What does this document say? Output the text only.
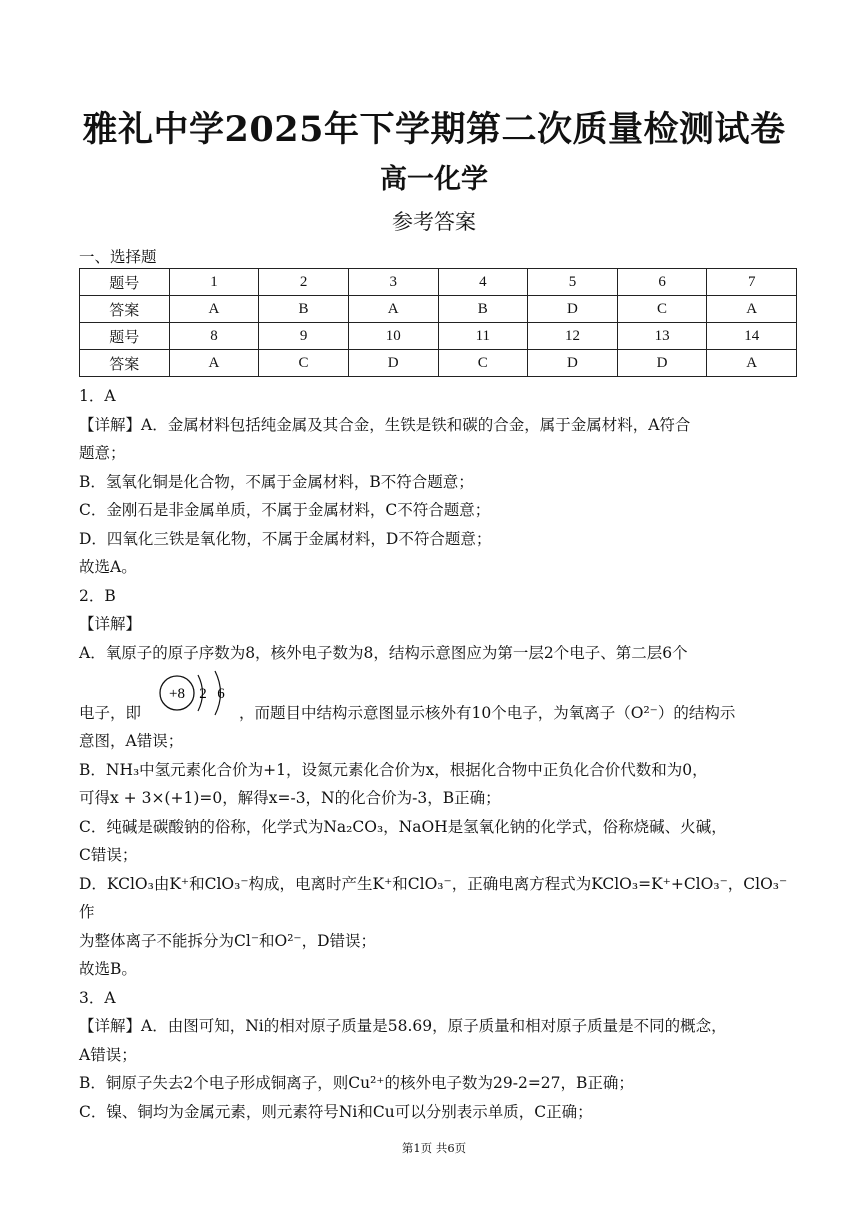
雅礼中学2025年下学期第二次质量检测试卷
高一化学
参考答案
一、选择题
题号	1	2	3	4	5	6	7
答案	A	B	A	B	D	C	A
题号	8	9	10	11	12	13	14
答案	A	C	D	C	D	D	A

1．A

【详解】A．金属材料包括纯金属及其合金，生铁是铁和碳的合金，属于金属材料，A符合

题意；

B．氢氧化铜是化合物，不属于金属材料，B不符合题意；

C．金刚石是非金属单质，不属于金属材料，C不符合题意；

D．四氧化三铁是氧化物，不属于金属材料，D不符合题意；

故选A。

2．B

【详解】

A．氧原子的原子序数为8，核外电子数为8，结构示意图应为第一层2个电子、第二层6个

电子，即
+8 2 6
，而题目中结构示意图显示核外有10个电子，为氧离子（O²⁻）的结构示

意图，A错误；

B．NH₃中氢元素化合价为+1，设氮元素化合价为x，根据化合物中正负化合价代数和为0，

可得x + 3×(+1)=0，解得x=-3，N的化合价为-3，B正确；

C．纯碱是碳酸钠的俗称，化学式为Na₂CO₃，NaOH是氢氧化钠的化学式，俗称烧碱、火碱，

C错误；

D．KClO₃由K⁺和ClO₃⁻构成，电离时产生K⁺和ClO₃⁻，正确电离方程式为KClO₃=K⁺+ClO₃⁻，ClO₃⁻作

为整体离子不能拆分为Cl⁻和O²⁻，D错误；

故选B。

3．A

【详解】A．由图可知，Ni的相对原子质量是58.69，原子质量和相对原子质量是不同的概念，

A错误；

B．铜原子失去2个电子形成铜离子，则Cu²⁺的核外电子数为29-2=27，B正确；

C．镍、铜均为金属元素，则元素符号Ni和Cu可以分别表示单质，C正确；

第1页 共6页
